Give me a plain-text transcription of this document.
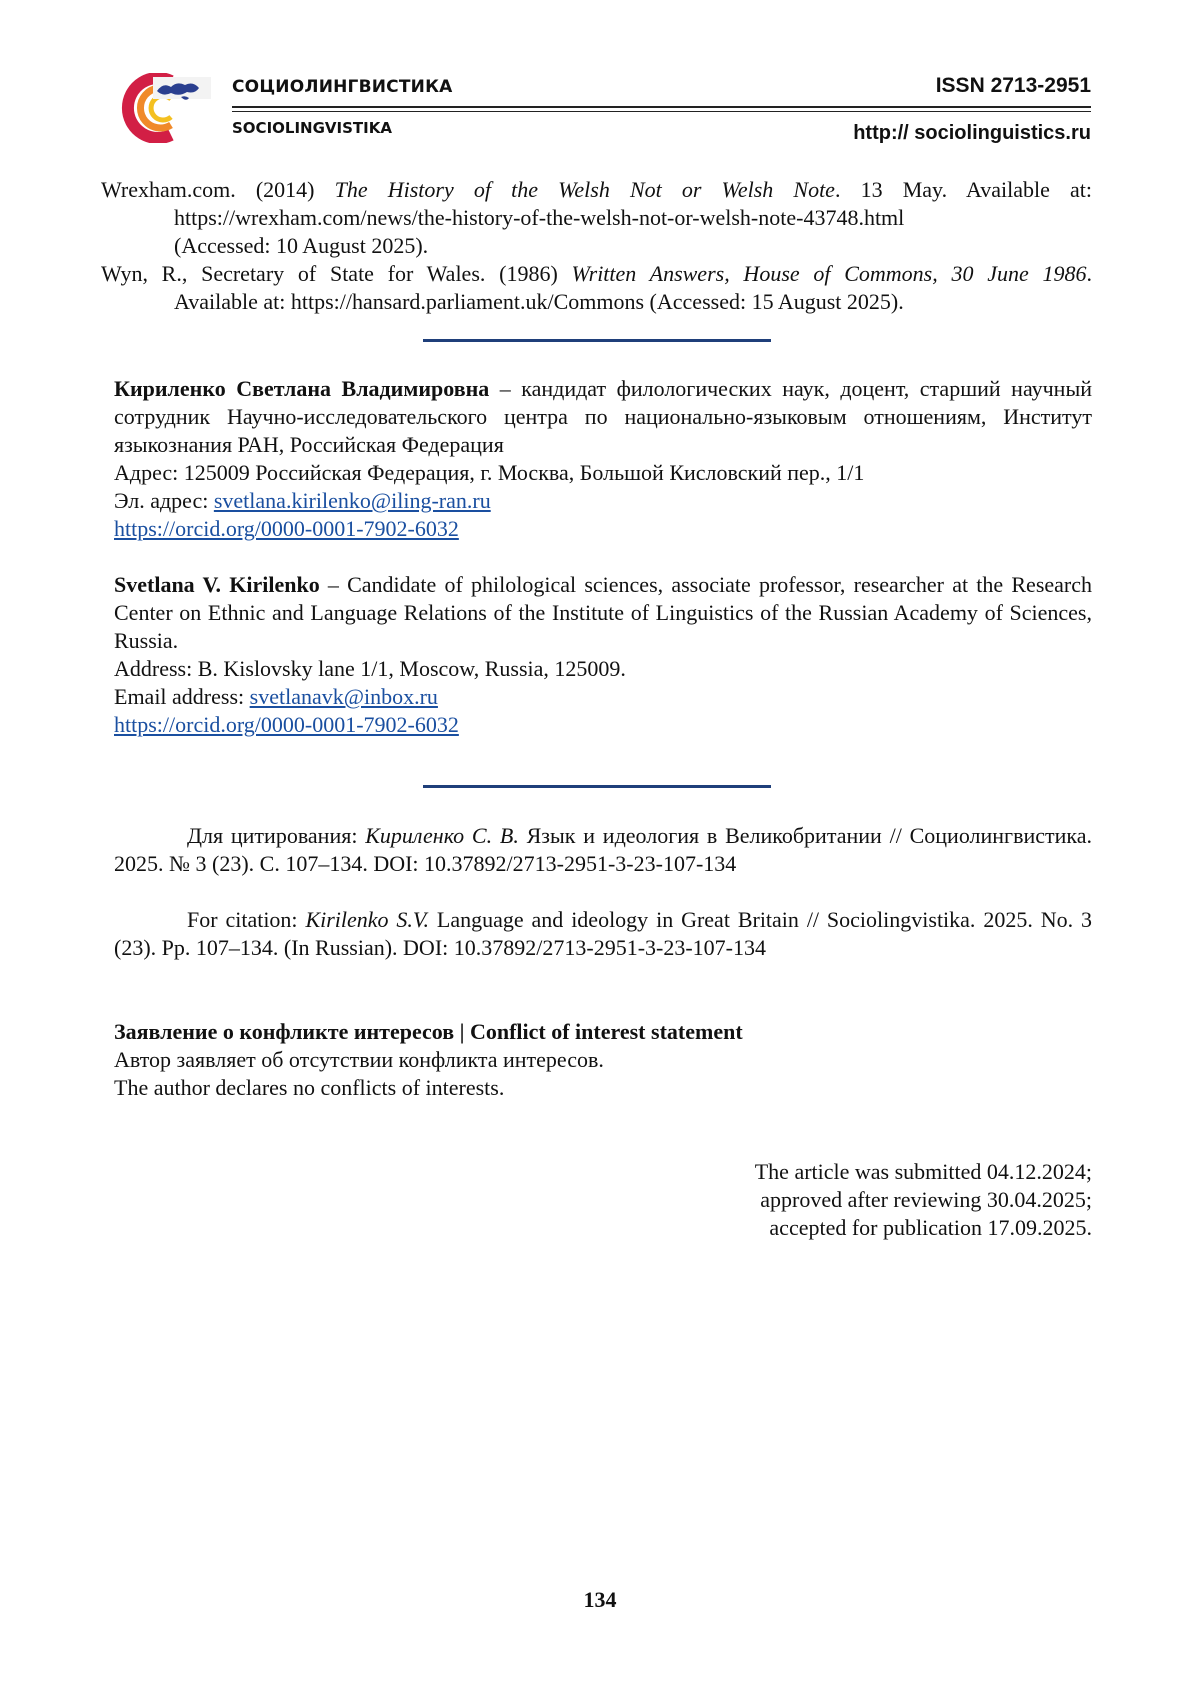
СОЦИОЛИНГВИСТИКА
SOCIOLINGVISTIKA
ISSN 2713-2951
http:// sociolinguistics.ru
Wrexham.com. (2014) The History of the Welsh Not or Welsh Note. 13 May. Available at:
https://wrexham.com/news/the-history-of-the-welsh-not-or-welsh-note-43748.html
(Accessed: 10 August 2025).
Wyn, R., Secretary of State for Wales. (1986) Written Answers, House of Commons, 30 June 1986.
Available at: https://hansard.parliament.uk/Commons (Accessed: 15 August 2025).
Кириленко Светлана Владимировна – кандидат филологических наук, доцент, старший научный сотрудник Научно-исследовательского центра по национально-языковым отношениям, Институт языкознания РАН, Российская Федерация
Адрес: 125009 Российская Федерация, г. Москва, Большой Кисловский пер., 1/1
Эл. адрес: svetlana.kirilenko@iling-ran.ru
https://orcid.org/0000-0001-7902-6032
Svetlana V. Kirilenko – Candidate of philological sciences, associate professor, researcher at the Research Center on Ethnic and Language Relations of the Institute of Linguistics of the Russian Academy of Sciences, Russia.
Address: B. Kislovsky lane 1/1, Moscow, Russia, 125009.
Email address: svetlanavk@inbox.ru
https://orcid.org/0000-0001-7902-6032
Для цитирования: Кириленко С. В. Язык и идеология в Великобритании // Социолингвистика. 2025. № 3 (23). С. 107–134. DOI: 10.37892/2713-2951-3-23-107-134
For citation: Kirilenko S.V. Language and ideology in Great Britain // Sociolingvistika. 2025. No. 3 (23). Pp. 107–134. (In Russian). DOI: 10.37892/2713-2951-3-23-107-134
Заявление о конфликте интересов | Conflict of interest statement
Автор заявляет об отсутствии конфликта интересов.
The author declares no conflicts of interests.
The article was submitted 04.12.2024;
approved after reviewing 30.04.2025;
accepted for publication 17.09.2025.
134
